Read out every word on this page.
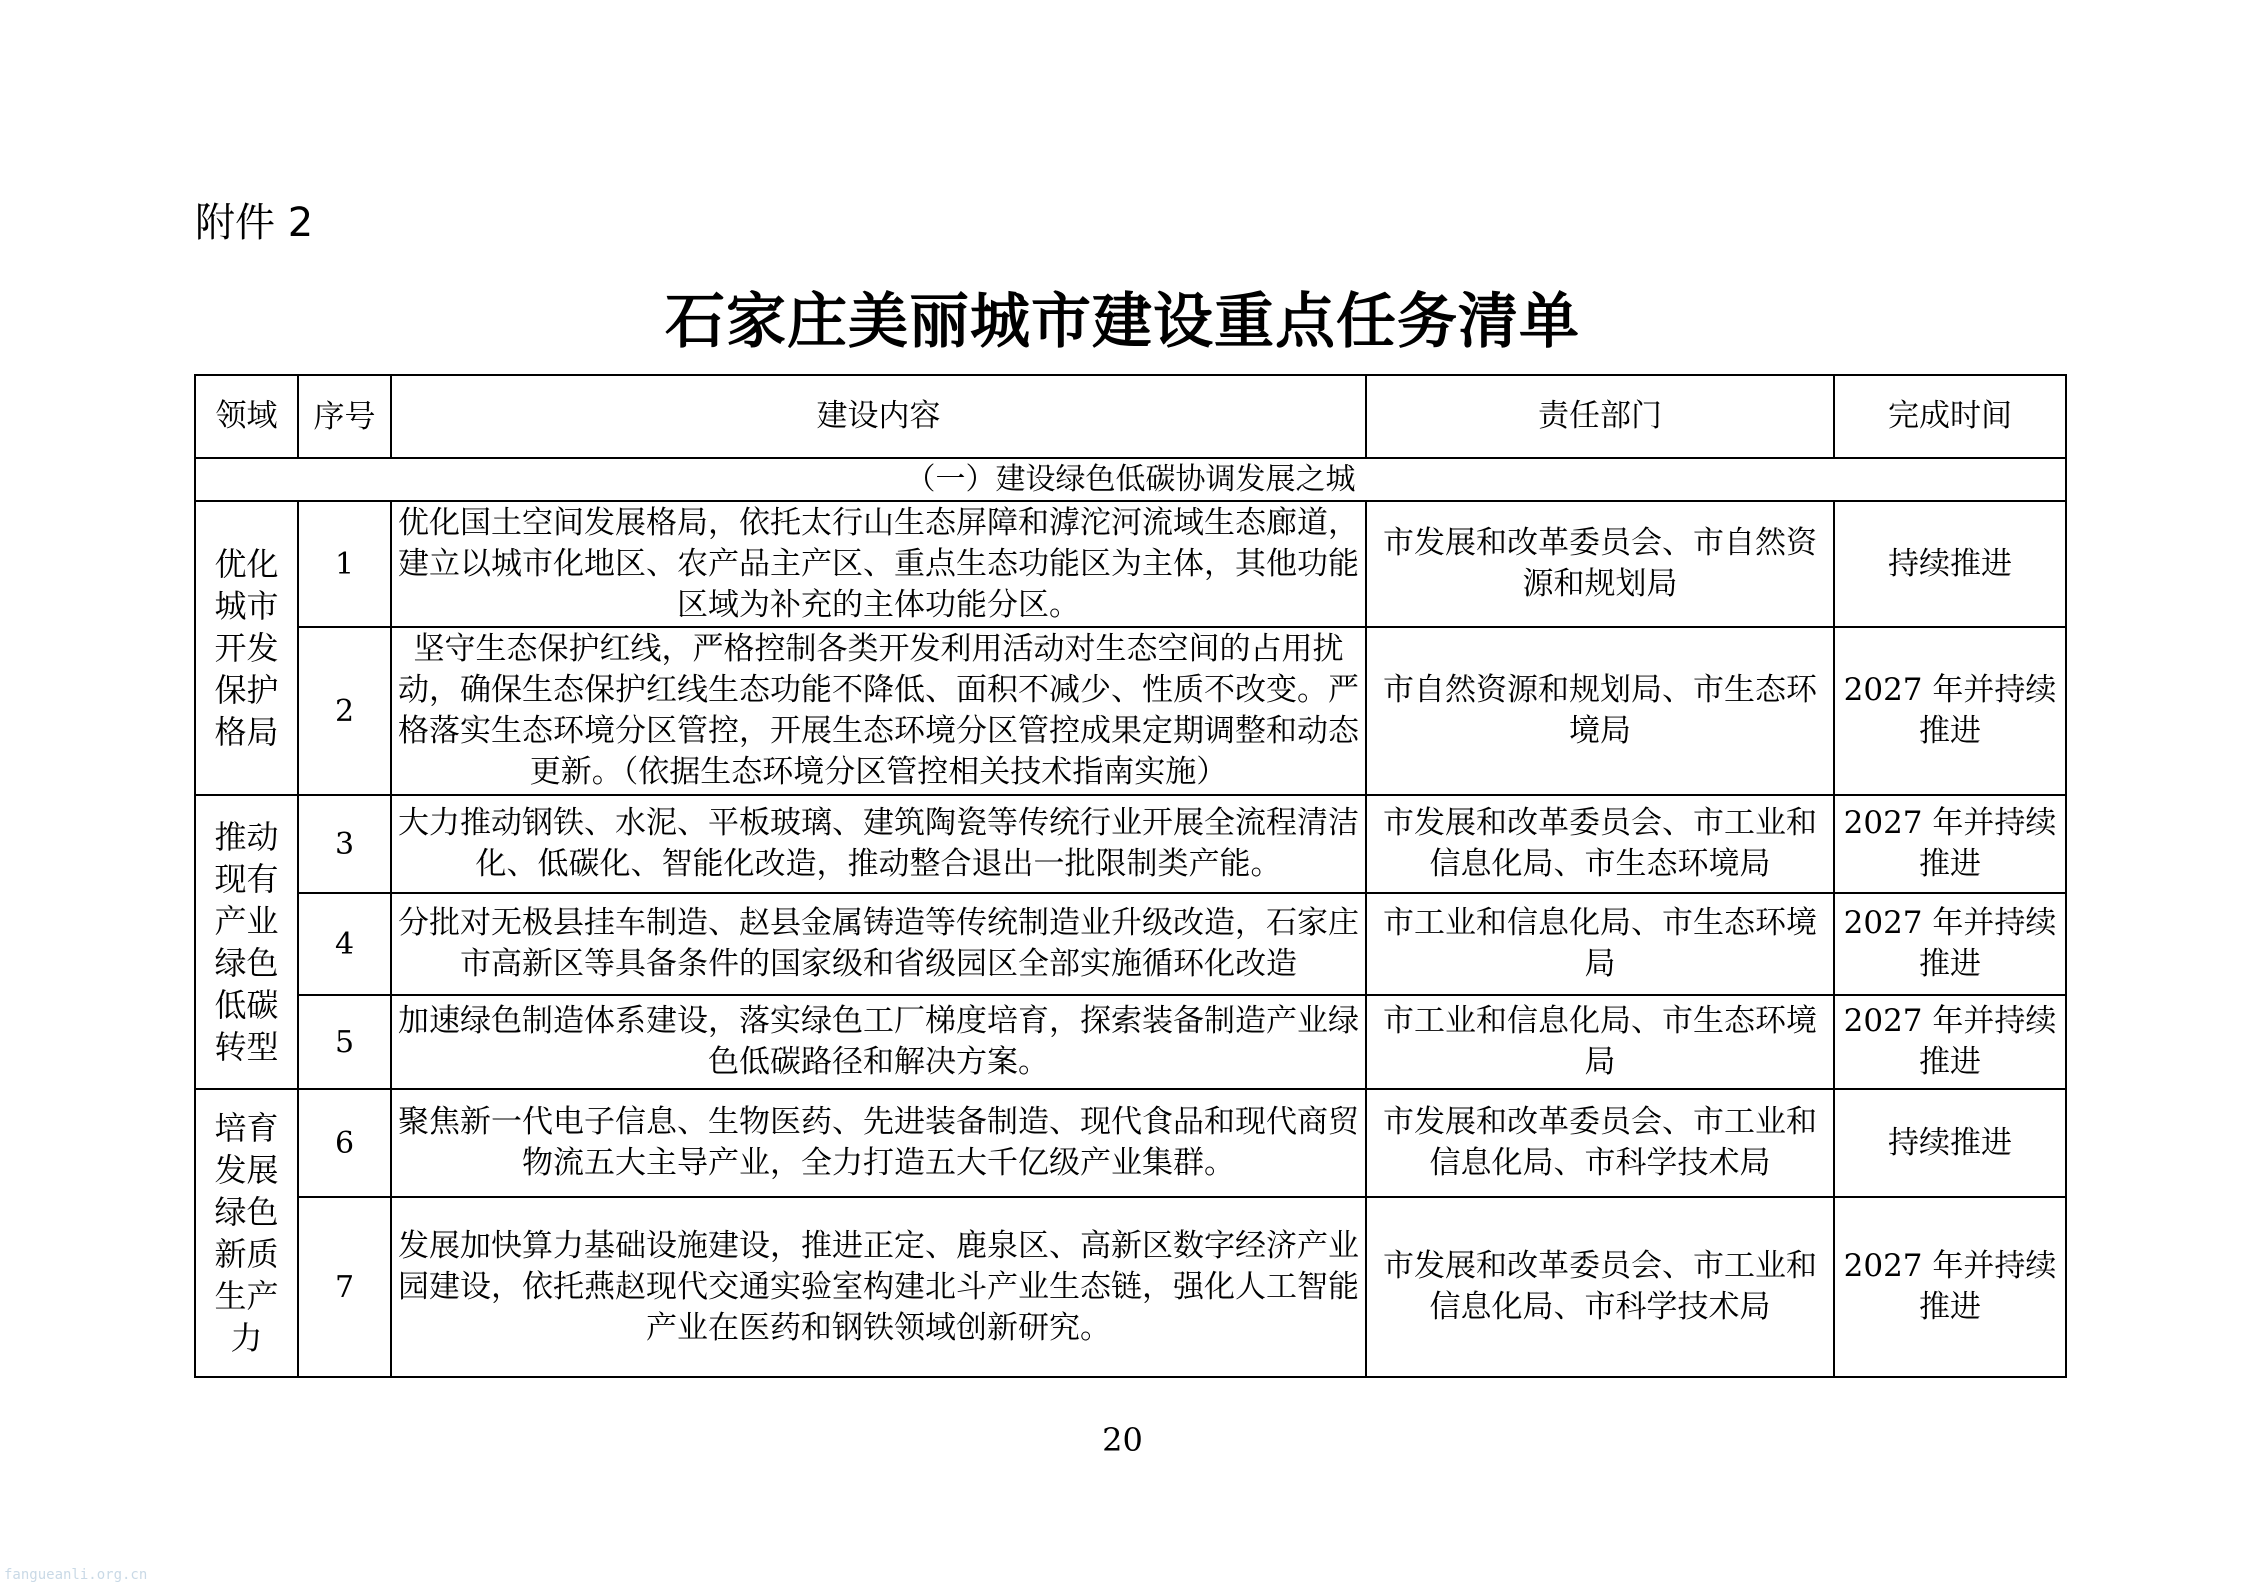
附件 2
石家庄美丽城市建设重点任务清单
领域	序号	建设内容	责任部门	完成时间
（一）建设绿色低碳协调发展之城				

优化城市开发保护格局	1	优化国土空间发展格局，依托太行山生态屏障和滹沱河流域生态廊道，建立以城市化地区、农产品主产区、重点生态功能区为主体，其他功能区域为补充的主体功能分区。	市发展和改革委员会、市自然资源和规划局	持续推进
	2	坚守生态保护红线，严格控制各类开发利用活动对生态空间的占用扰动，确保生态保护红线生态功能不降低、面积不减少、性质不改变。严格落实生态环境分区管控，开展生态环境分区管控成果定期调整和动态更新。（依据生态环境分区管控相关技术指南实施）	市自然资源和规划局、市生态环境局	2027 年并持续推进

推动现有产业绿色低碳转型	3	大力推动钢铁、水泥、平板玻璃、建筑陶瓷等传统行业开展全流程清洁化、低碳化、智能化改造，推动整合退出一批限制类产能。	市发展和改革委员会、市工业和信息化局、市生态环境局	2027 年并持续推进
	4	分批对无极县挂车制造、赵县金属铸造等传统制造业升级改造，石家庄市高新区等具备条件的国家级和省级园区全部实施循环化改造	市工业和信息化局、市生态环境局	2027 年并持续推进
	5	加速绿色制造体系建设，落实绿色工厂梯度培育，探索装备制造产业绿色低碳路径和解决方案。	市工业和信息化局、市生态环境局	2027 年并持续推进

培育发展绿色新质生产力	6	聚焦新一代电子信息、生物医药、先进装备制造、现代食品和现代商贸物流五大主导产业，全力打造五大千亿级产业集群。	市发展和改革委员会、市工业和信息化局、市科学技术局	持续推进
	7	发展加快算力基础设施建设，推进正定、鹿泉区、高新区数字经济产业园建设，依托燕赵现代交通实验室构建北斗产业生态链，强化人工智能产业在医药和钢铁领域创新研究。	市发展和改革委员会、市工业和信息化局、市科学技术局	2027 年并持续推进
20
fangueanli.org.cn
